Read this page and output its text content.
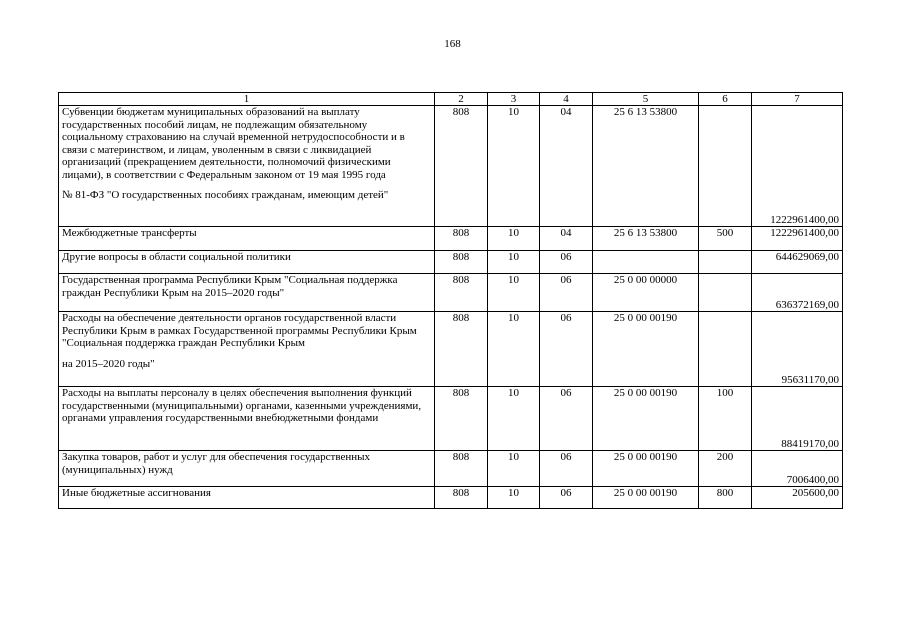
168
1	2	3	4	5	6	7
Субвенции бюджетам муниципальных образований на выплату государственных пособий лицам, не подлежащим обязательному социальному страхованию на случай временной нетрудоспособности и в связи с материнством, и лицам, уволенным в связи с ликвидацией организаций (прекращением деятельности, полномочий физическими лицами), в соответствии с Федеральным законом от 19 мая 1995 года
№ 81-ФЗ "О государственных пособиях гражданам, имеющим детей"	808	10	04	25 6 13 53800		1222961400,00
Межбюджетные трансферты	808	10	04	25 6 13 53800	500	1222961400,00
Другие вопросы в области социальной политики	808	10	06			644629069,00
Государственная программа Республики Крым "Социальная поддержка граждан Республики Крым на 2015–2020 годы"	808	10	06	25 0 00 00000		636372169,00
Расходы на обеспечение деятельности органов государственной власти Республики Крым в рамках Государственной программы Республики Крым "Социальная поддержка граждан Республики Крым
на 2015–2020 годы"	808	10	06	25 0 00 00190		95631170,00
Расходы на выплаты персоналу в целях обеспечения выполнения функций государственными (муниципальными) органами, казенными учреждениями, органами управления государственными внебюджетными фондами	808	10	06	25 0 00 00190	100	88419170,00
Закупка товаров, работ и услуг для обеспечения государственных (муниципальных) нужд	808	10	06	25 0 00 00190	200	7006400,00
Иные бюджетные ассигнования	808	10	06	25 0 00 00190	800	205600,00
